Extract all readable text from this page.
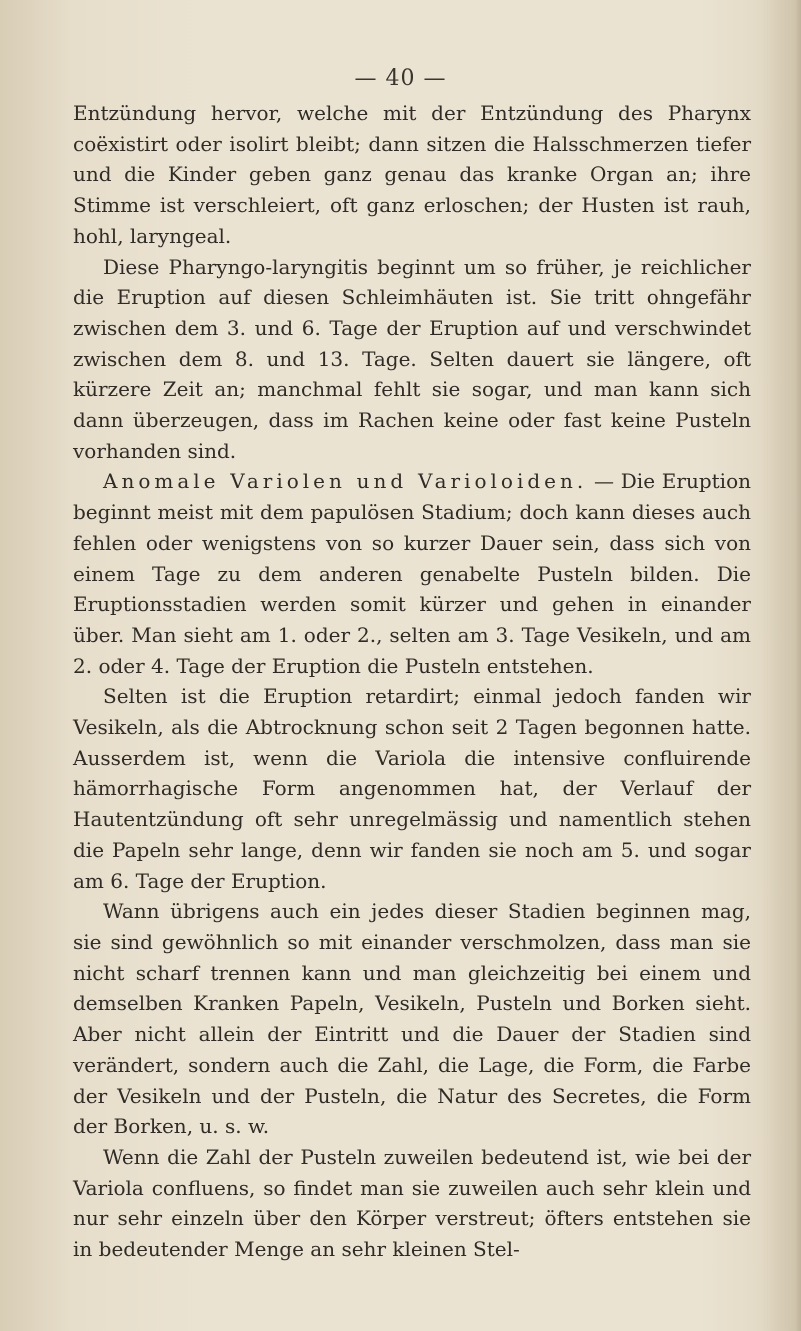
— 40 —

Entzündung hervor, welche mit der Entzündung des Pharynx coëxistirt oder isolirt bleibt; dann sitzen die Halsschmerzen tiefer und die Kinder geben ganz genau das kranke Organ an; ihre Stimme ist verschleiert, oft ganz erloschen; der Husten ist rauh, hohl, laryngeal.

Diese Pharyngo-laryngitis beginnt um so früher, je reichlicher die Eruption auf diesen Schleimhäuten ist. Sie tritt ohngefähr zwischen dem 3. und 6. Tage der Eruption auf und verschwindet zwischen dem 8. und 13. Tage. Selten dauert sie längere, oft kürzere Zeit an; manchmal fehlt sie sogar, und man kann sich dann überzeugen, dass im Rachen keine oder fast keine Pusteln vorhanden sind.

Anomale Variolen und Varioloiden. — Die Eruption beginnt meist mit dem papulösen Stadium; doch kann dieses auch fehlen oder wenigstens von so kurzer Dauer sein, dass sich von einem Tage zu dem anderen genabelte Pusteln bilden. Die Eruptionsstadien werden somit kürzer und gehen in einander über. Man sieht am 1. oder 2., selten am 3. Tage Vesikeln, und am 2. oder 4. Tage der Eruption die Pusteln entstehen.

Selten ist die Eruption retardirt; einmal jedoch fanden wir Vesikeln, als die Abtrocknung schon seit 2 Tagen begonnen hatte. Ausserdem ist, wenn die Variola die intensive confluirende hämorrhagische Form angenommen hat, der Verlauf der Hautentzündung oft sehr unregelmässig und namentlich stehen die Papeln sehr lange, denn wir fanden sie noch am 5. und sogar am 6. Tage der Eruption.

Wann übrigens auch ein jedes dieser Stadien beginnen mag, sie sind gewöhnlich so mit einander verschmolzen, dass man sie nicht scharf trennen kann und man gleichzeitig bei einem und demselben Kranken Papeln, Vesikeln, Pusteln und Borken sieht. Aber nicht allein der Eintritt und die Dauer der Stadien sind verändert, sondern auch die Zahl, die Lage, die Form, die Farbe der Vesikeln und der Pusteln, die Natur des Secretes, die Form der Borken, u. s. w.

Wenn die Zahl der Pusteln zuweilen bedeutend ist, wie bei der Variola confluens, so findet man sie zuweilen auch sehr klein und nur sehr einzeln über den Körper verstreut; öfters entstehen sie in bedeutender Menge an sehr kleinen Stel-
